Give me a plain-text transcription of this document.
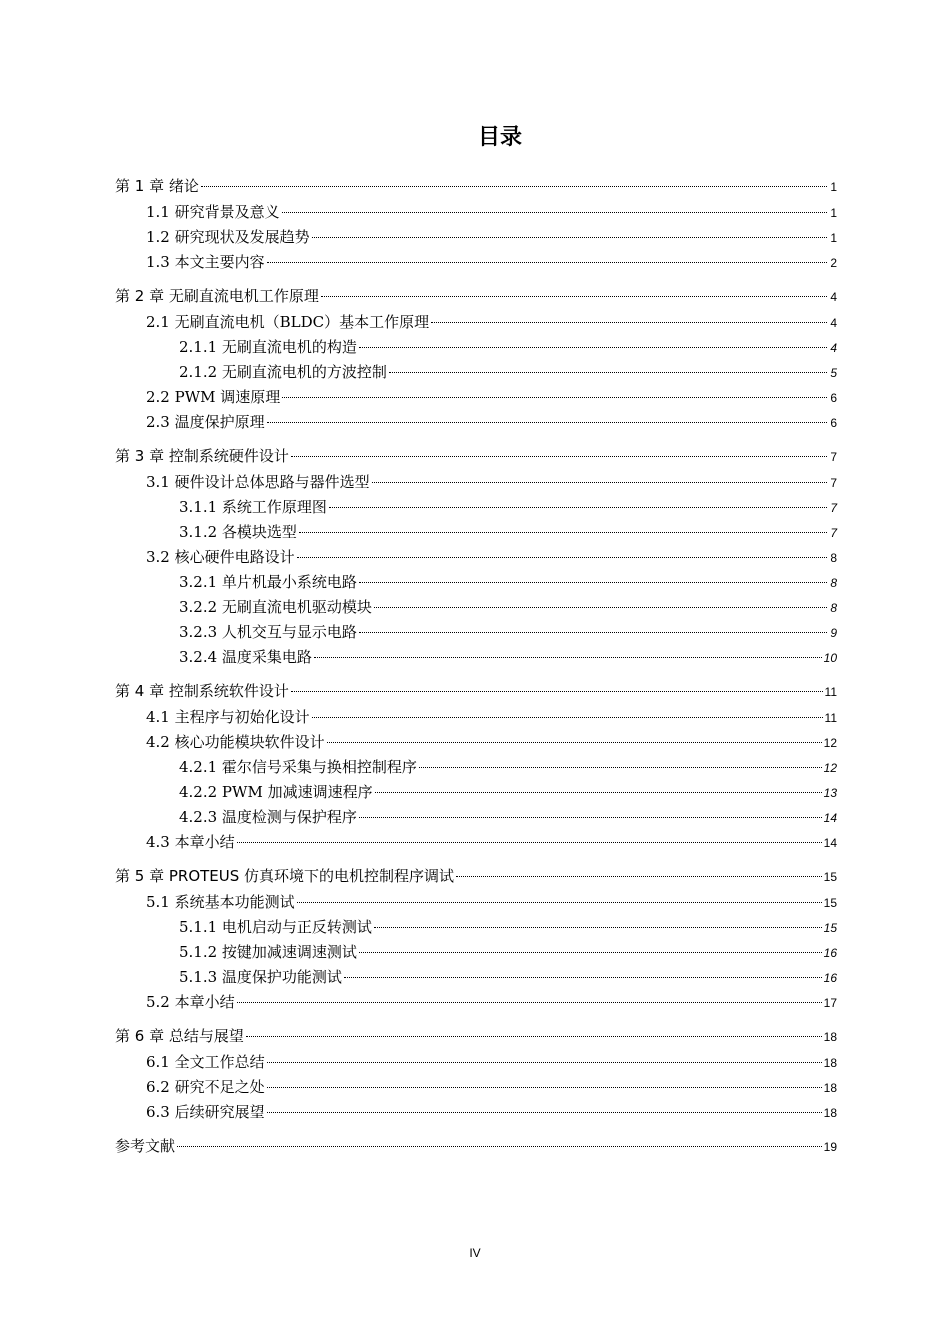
目录
第 1 章 绪论	1
1.1 研究背景及意义	1
1.2 研究现状及发展趋势	1
1.3 本文主要内容	2
第 2 章 无刷直流电机工作原理	4
2.1 无刷直流电机（BLDC）基本工作原理	4
2.1.1 无刷直流电机的构造	4
2.1.2 无刷直流电机的方波控制	5
2.2 PWM 调速原理	6
2.3 温度保护原理	6
第 3 章 控制系统硬件设计	7
3.1 硬件设计总体思路与器件选型	7
3.1.1 系统工作原理图	7
3.1.2 各模块选型	7
3.2 核心硬件电路设计	8
3.2.1 单片机最小系统电路	8
3.2.2 无刷直流电机驱动模块	8
3.2.3 人机交互与显示电路	9
3.2.4 温度采集电路	10
第 4 章 控制系统软件设计	11
4.1 主程序与初始化设计	11
4.2 核心功能模块软件设计	12
4.2.1 霍尔信号采集与换相控制程序	12
4.2.2 PWM 加减速调速程序	13
4.2.3 温度检测与保护程序	14
4.3 本章小结	14
第 5 章 PROTEUS 仿真环境下的电机控制程序调试	15
5.1 系统基本功能测试	15
5.1.1 电机启动与正反转测试	15
5.1.2 按键加减速调速测试	16
5.1.3 温度保护功能测试	16
5.2 本章小结	17
第 6 章 总结与展望	18
6.1 全文工作总结	18
6.2 研究不足之处	18
6.3 后续研究展望	18
参考文献	19
IV
